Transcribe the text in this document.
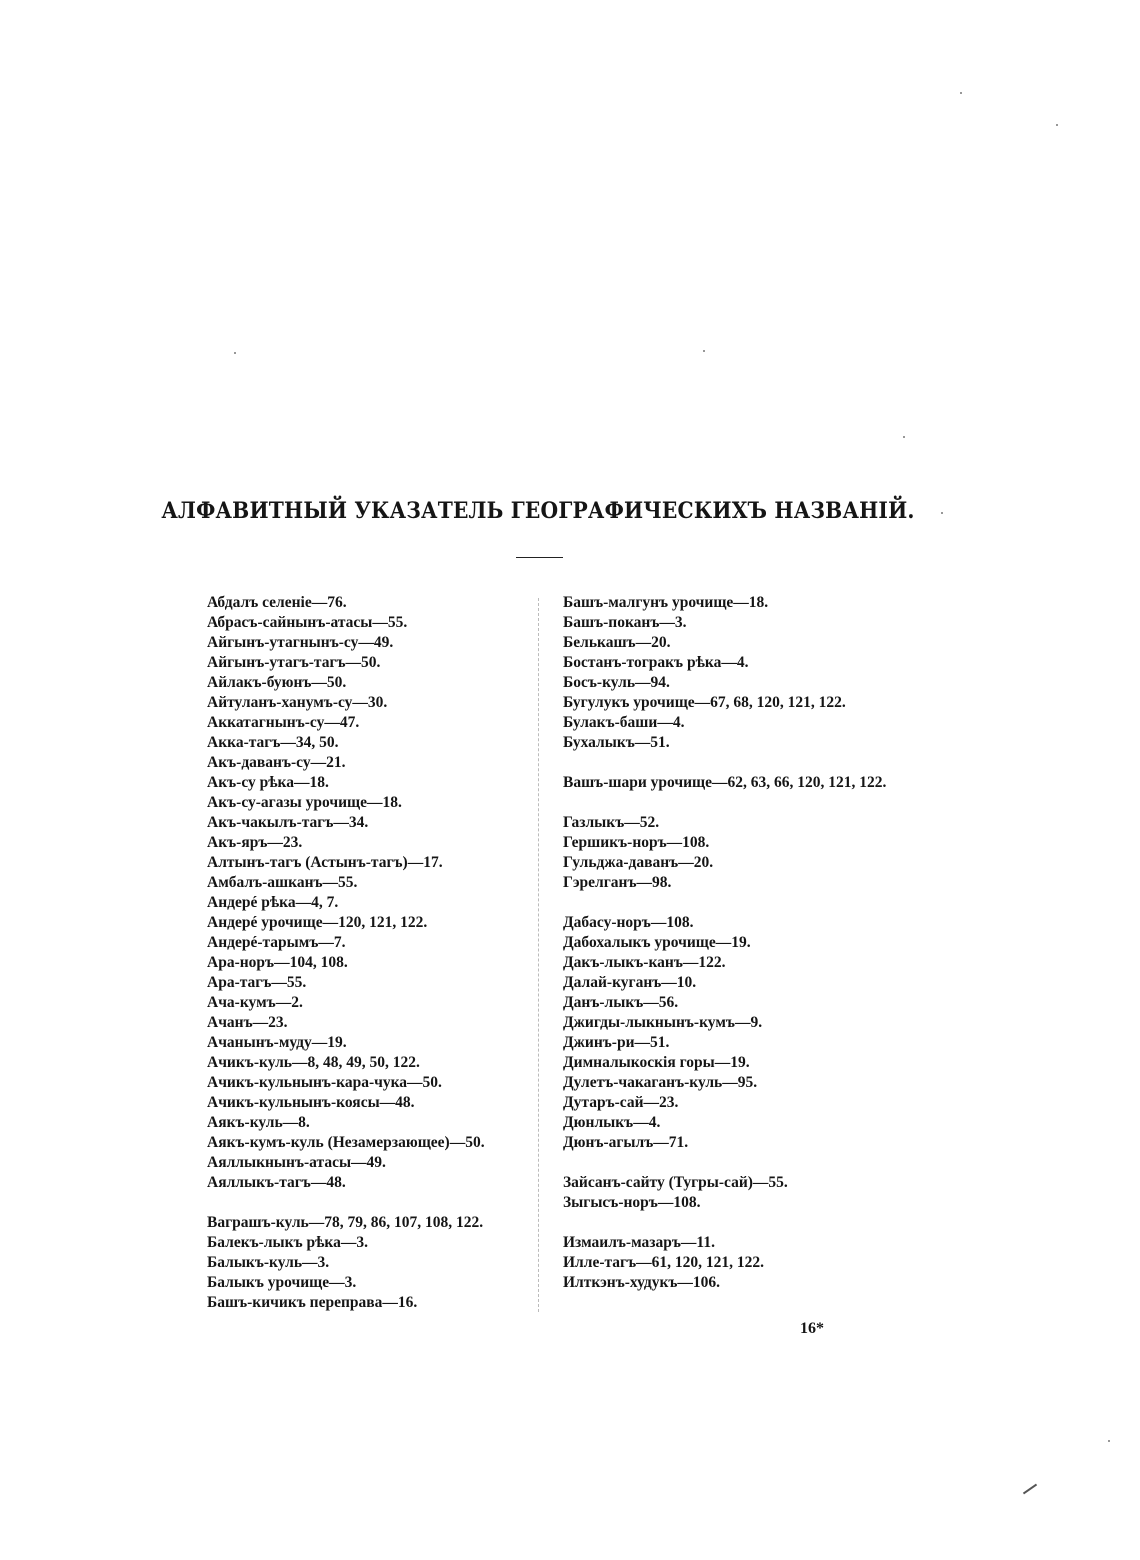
АЛФАВИТНЫЙ УКАЗАТЕЛЬ ГЕОГРАФИЧЕСКИХЪ НАЗВАНIЙ.
Абдалъ селенiе—76.
Абрасъ-сайнынъ-атасы—55.
Айгынъ-утагнынъ-су—49.
Айгынъ-утагъ-тагъ—50.
Айлакъ-буюнъ—50.
Айтуланъ-ханумъ-су—30.
Аккатагнынъ-су—47.
Акка-тагъ—34, 50.
Акъ-даванъ-су—21.
Акъ-су рѣка—18.
Акъ-су-агазы урочище—18.
Акъ-чакылъ-тагъ—34.
Акъ-яръ—23.
Алтынъ-тагъ (Астынъ-тагъ)—17.
Амбалъ-ашканъ—55.
Андерé рѣка—4, 7.
Андерé урочище—120, 121, 122.
Андерé-тарымъ—7.
Ара-норъ—104, 108.
Ара-тагъ—55.
Ача-кумъ—2.
Ачанъ—23.
Ачанынъ-муду—19.
Ачикъ-куль—8, 48, 49, 50, 122.
Ачикъ-кульнынъ-кара-чука—50.
Ачикъ-кульнынъ-коясы—48.
Аякъ-куль—8.
Аякъ-кумъ-куль (Незамерзающее)—50.
Аяллыкнынъ-атасы—49.
Аяллыкъ-тагъ—48.
Ваграшъ-куль—78, 79, 86, 107, 108, 122.
Балекъ-лыкъ рѣка—3.
Балыкъ-куль—3.
Балыкъ урочище—3.
Башъ-кичикъ переправа—16.
Башъ-малгунъ урочище—18.
Башъ-поканъ—3.
Белькашъ—20.
Бостанъ-тогракъ рѣка—4.
Босъ-куль—94.
Бугулукъ урочище—67, 68, 120, 121, 122.
Булакъ-баши—4.
Бухалыкъ—51.
Вашъ-шари урочище—62, 63, 66, 120, 121, 122.
Газлыкъ—52.
Гершикъ-норъ—108.
Гульджа-даванъ—20.
Гэрелганъ—98.
Дабасу-норъ—108.
Дабохалыкъ урочище—19.
Дакъ-лыкъ-канъ—122.
Далай-куганъ—10.
Данъ-лыкъ—56.
Джигды-лыкнынъ-кумъ—9.
Джинъ-ри—51.
Димналыкоскiя горы—19.
Дулетъ-чакаганъ-куль—95.
Дутаръ-сай—23.
Дюнлыкъ—4.
Дюнъ-агылъ—71.
Зайсанъ-сайту (Тугры-сай)—55.
Зыгысъ-норъ—108.
Измаилъ-мазаръ—11.
Илле-тагъ—61, 120, 121, 122.
Илткэнъ-худукъ—106.
16*
